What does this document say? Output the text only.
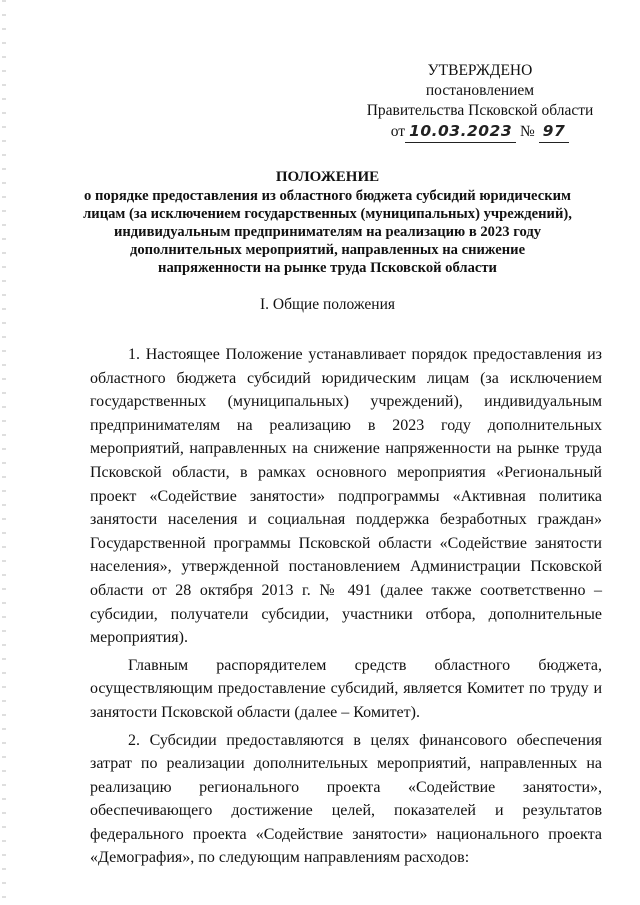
УТВЕРЖДЕНО
постановлением
Правительства Псковской области
от 10.03.2023 № 97
ПОЛОЖЕНИЕ
о порядке предоставления из областного бюджета субсидий юридическим
лицам (за исключением государственных (муниципальных) учреждений),
индивидуальным предпринимателям на реализацию в 2023 году
дополнительных мероприятий, направленных на снижение
напряженности на рынке труда Псковской области
I. Общие положения

1. Настоящее Положение устанавливает порядок предоставления из областного бюджета субсидий юридическим лицам (за исключением государственных (муниципальных) учреждений), индивидуальным предпринимателям на реализацию в 2023 году дополнительных мероприятий, направленных на снижение напряженности на рынке труда Псковской области, в рамках основного мероприятия «Региональный проект «Содействие занятости» подпрограммы «Активная политика занятости населения и социальная поддержка безработных граждан» Государственной программы Псковской области «Содействие занятости населения», утвержденной постановлением Администрации Псковской области от 28 октября 2013 г. № 491 (далее также соответственно – субсидии, получатели субсидии, участники отбора, дополнительные мероприятия).

Главным распорядителем средств областного бюджета, осуществляющим предоставление субсидий, является Комитет по труду и занятости Псковской области (далее – Комитет).

2. Субсидии предоставляются в целях финансового обеспечения затрат по реализации дополнительных мероприятий, направленных на реализацию регионального проекта «Содействие занятости», обеспечивающего достижение целей, показателей и результатов федерального проекта «Содействие занятости» национального проекта «Демография», по следующим направлениям расходов:
